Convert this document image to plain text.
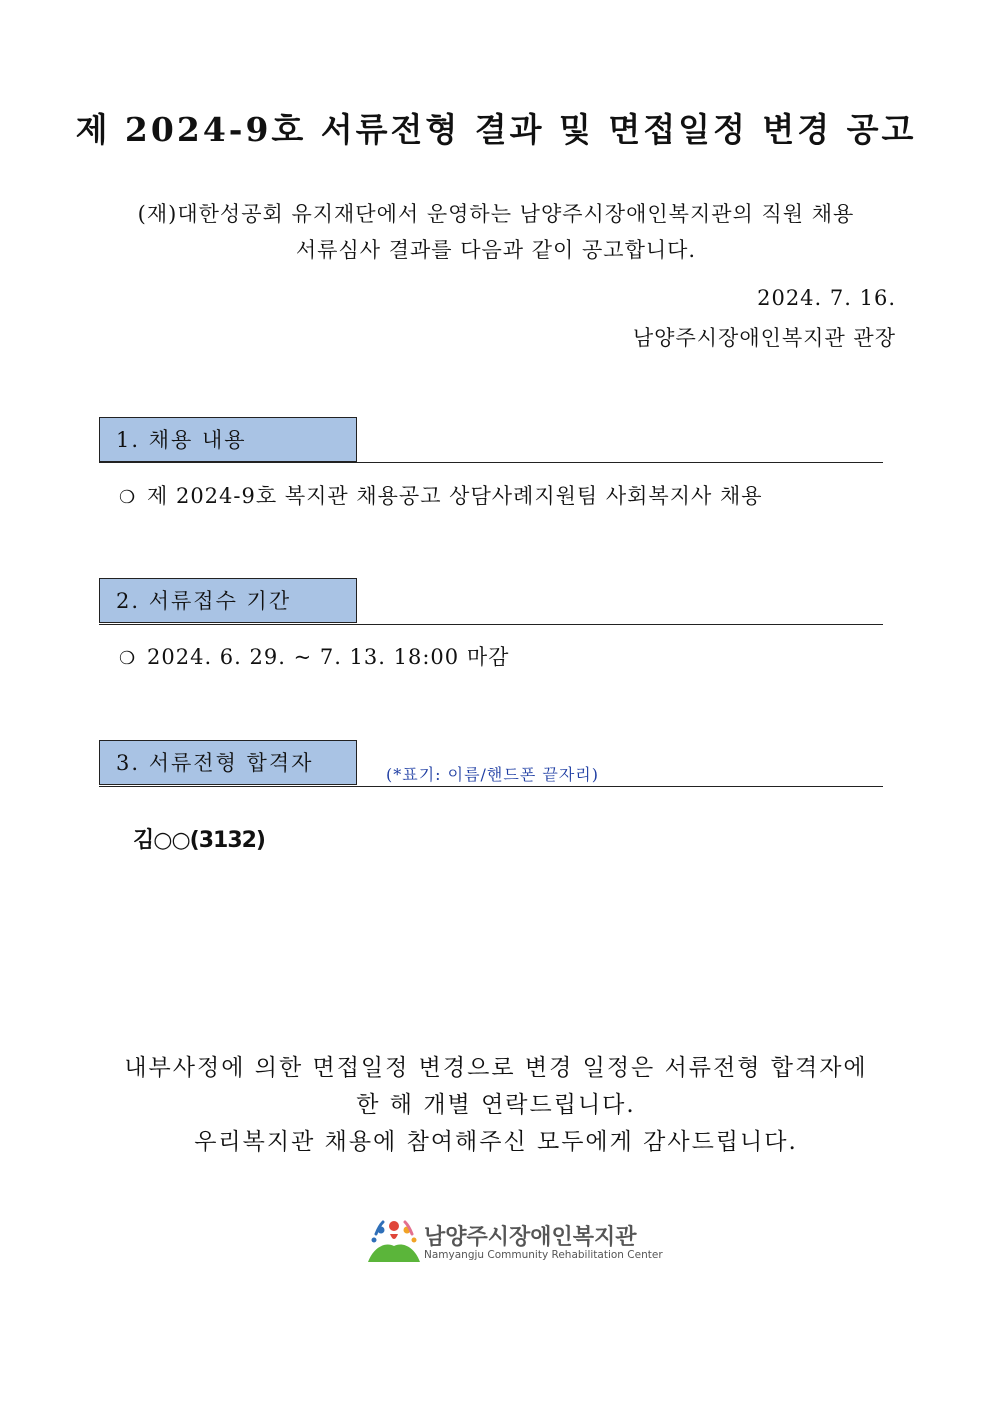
제 2024-9호 서류전형 결과 및 면접일정 변경 공고
(재)대한성공회 유지재단에서 운영하는 남양주시장애인복지관의 직원 채용
서류심사 결과를 다음과 같이 공고합니다.
2024. 7. 16.
남양주시장애인복지관 관장
1. 채용 내용
❍ 제 2024-9호 복지관 채용공고 상담사례지원팀 사회복지사 채용
2. 서류접수 기간
❍ 2024. 6. 29. ~ 7. 13. 18:00 마감
3. 서류전형 합격자	(*표기: 이름/핸드폰 끝자리)
김○○(3132)
내부사정에 의한 면접일정 변경으로 변경 일정은 서류전형 합격자에
한 해 개별 연락드립니다.
우리복지관 채용에 참여해주신 모두에게 감사드립니다.
남양주시장애인복지관
Namyangju Community Rehabilitation Center
